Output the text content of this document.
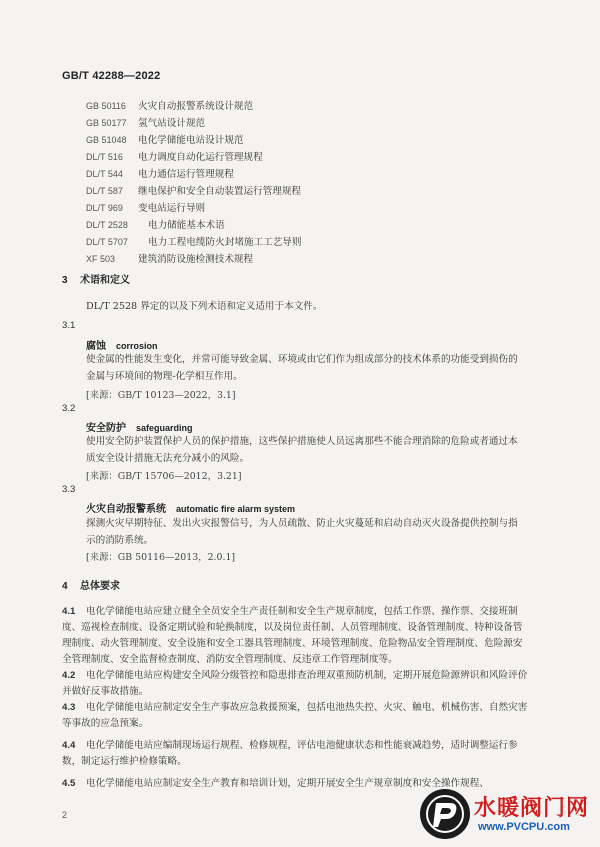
GB/T 42288—2022
GB 50116 火灾自动报警系统设计规范
GB 50177 氢气站设计规范
GB 51048 电化学储能电站设计规范
DL/T 516 电力调度自动化运行管理规程
DL/T 544 电力通信运行管理规程
DL/T 587 继电保护和安全自动装置运行管理规程
DL/T 969 变电站运行导则
DL/T 2528 电力储能基本术语
DL/T 5707 电力工程电缆防火封堵施工工艺导则
XF 503 建筑消防设施检测技术规程
3 术语和定义
DL/T 2528 界定的以及下列术语和定义适用于本文件。
3.1
腐蚀 corrosion
使金属的性能发生变化，并常可能导致金属、环境或由它们作为组成部分的技术体系的功能受到损伤的金属与环境间的物理-化学相互作用。
[来源：GB/T 10123—2022，3.1]
3.2
安全防护 safeguarding
使用安全防护装置保护人员的保护措施，这些保护措施使人员远离那些不能合理消除的危险或者通过本质安全设计措施无法充分减小的风险。
[来源：GB/T 15706—2012，3.21]
3.3
火灾自动报警系统 automatic fire alarm system
探测火灾早期特征、发出火灾报警信号，为人员疏散、防止火灾蔓延和启动自动灭火设备提供控制与指示的消防系统。
[来源：GB 50116—2013，2.0.1]
4 总体要求
4.1 电化学储能电站应建立健全全员安全生产责任制和安全生产规章制度，包括工作票、操作票、交接班制度、巡视检查制度、设备定期试验和轮换制度，以及岗位责任制、人员管理制度、设备管理制度、特种设备管理制度、动火管理制度、安全设施和安全工器具管理制度、环境管理制度、危险物品安全管理制度、危险源安全管理制度、安全监督检查制度、消防安全管理制度、反违章工作管理制度等。
4.2 电化学储能电站应构建安全风险分级管控和隐患排查治理双重预防机制，定期开展危险源辨识和风险评价并做好反事故措施。
4.3 电化学储能电站应制定安全生产事故应急救援预案，包括电池热失控、火灾、触电、机械伤害、自然灾害等事故的应急预案。
4.4 电化学储能电站应编制现场运行规程、检修规程，评估电池健康状态和性能衰减趋势，适时调整运行参数，制定运行维护检修策略。
4.5 电化学储能电站应制定安全生产教育和培训计划，定期开展安全生产规章制度和安全操作规程、
2	水暖阀门网
www.PVCPU.com
